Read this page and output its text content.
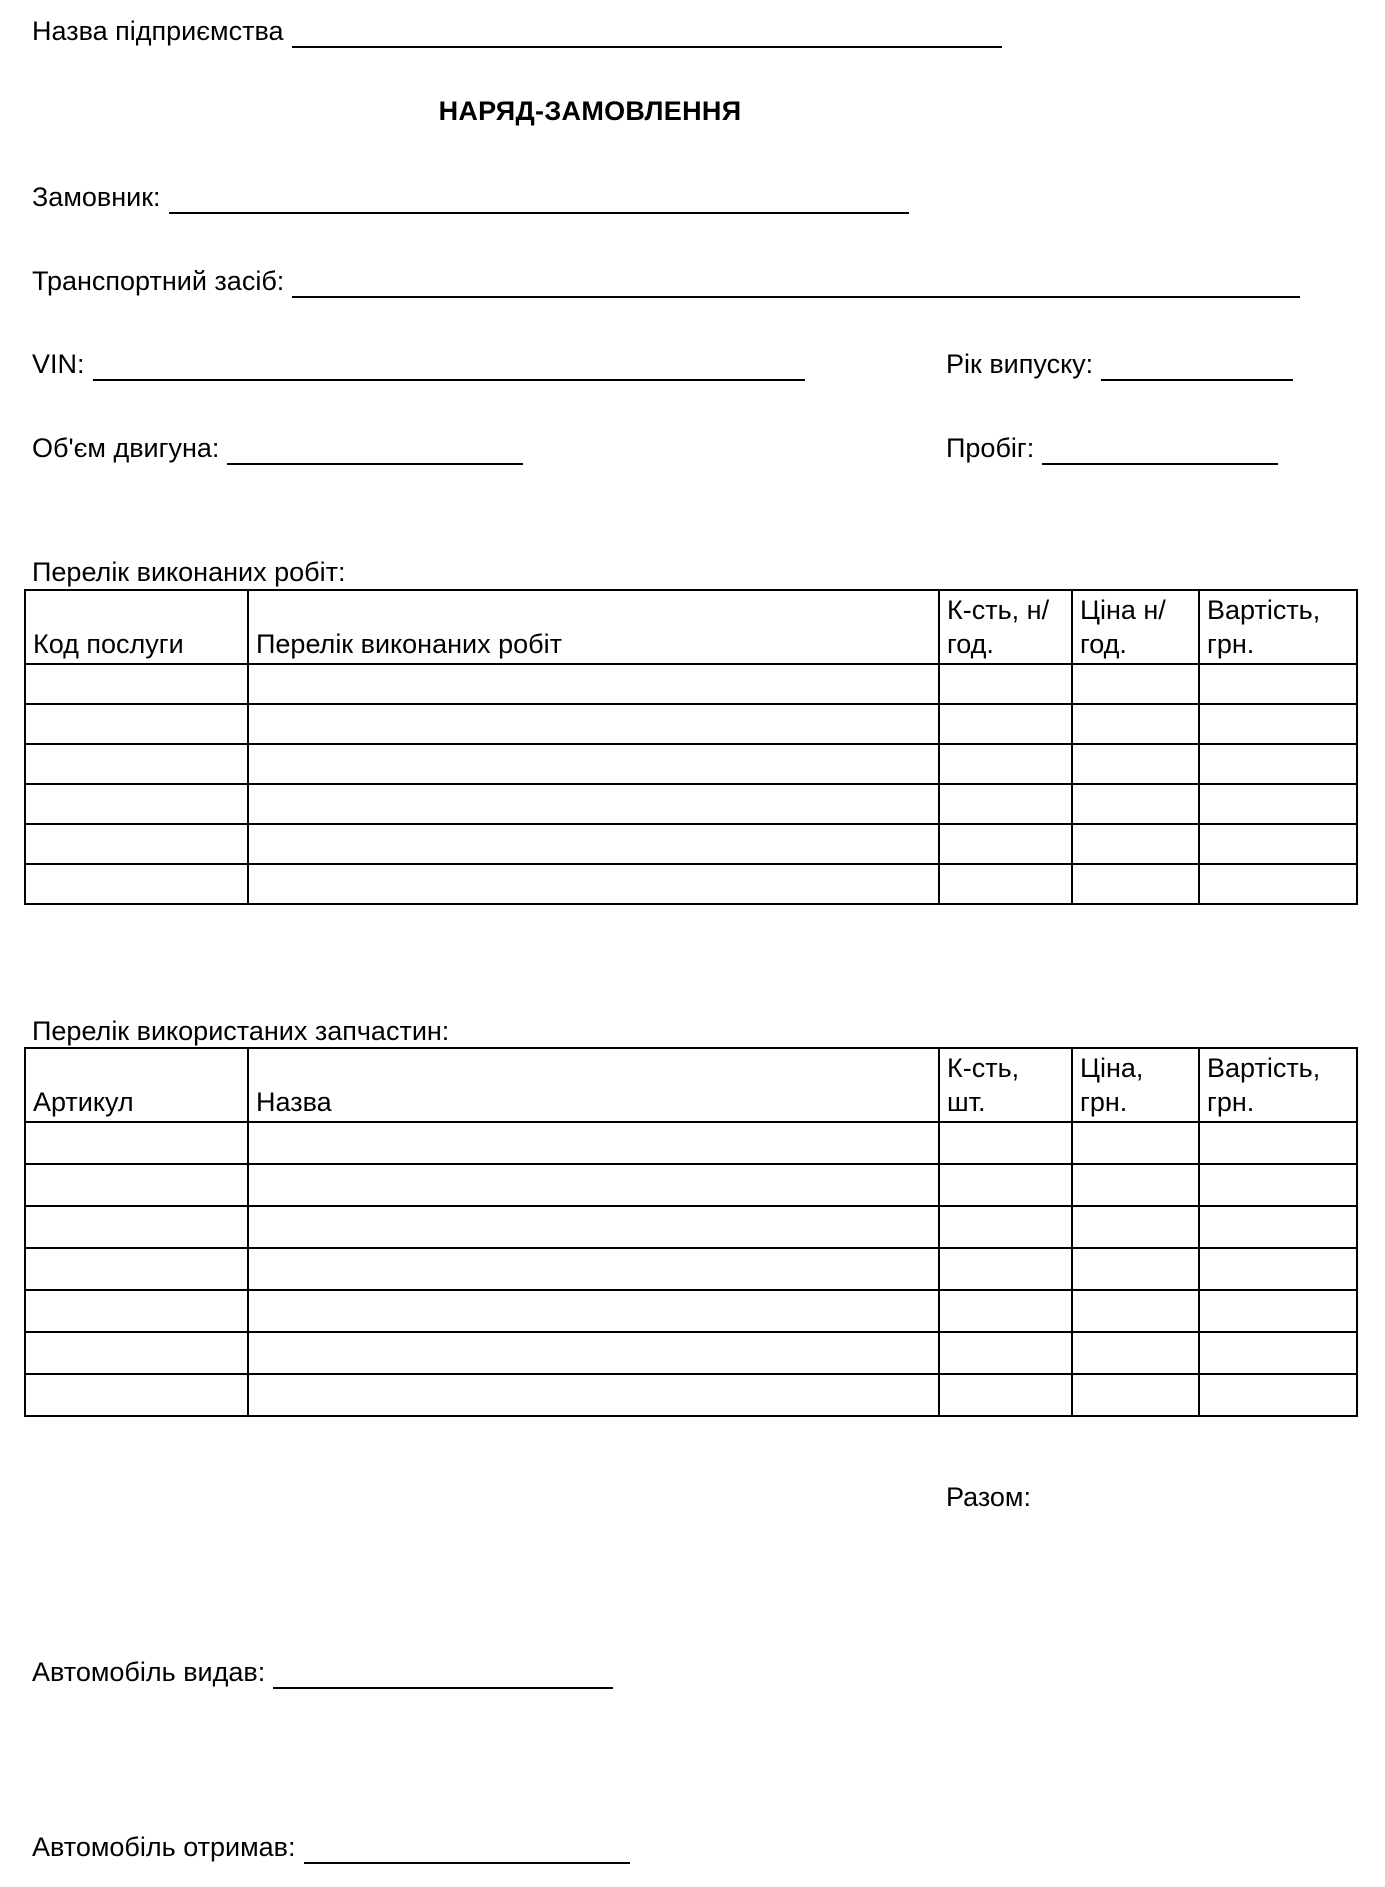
Назва підприємства
НАРЯД-ЗАМОВЛЕННЯ
Замовник:
Транспортний засіб:
VIN:	Рік випуску:
Об'єм двигуна:	Пробіг:
Перелік виконаних робіт:
Код послуги	Перелік виконаних робіт	К-сть, н/год.	Ціна н/год.	Вартість, грн.

Перелік використаних запчастин:
Артикул	Назва	К-сть, шт.	Ціна, грн.	Вартість, грн.

Разом:
Автомобіль видав:
Автомобіль отримав:
